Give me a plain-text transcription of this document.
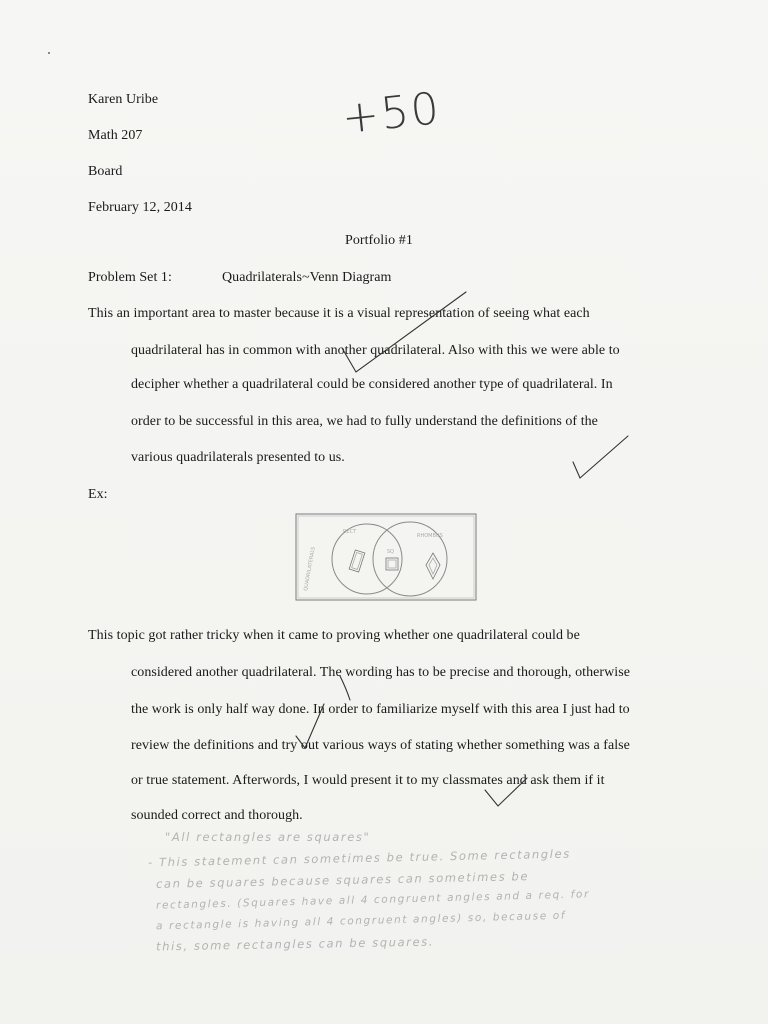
Karen Uribe
Math 207
Board
February 12, 2014
+50
Portfolio #1
Problem Set 1:	Quadrilaterals~Venn Diagram
This an important area to master because it is a visual representation of seeing what each
quadrilateral has in common with another quadrilateral. Also with this we were able to
decipher whether a quadrilateral could be considered another type of quadrilateral. In
order to be successful in this area, we had to fully understand the definitions of the
various quadrilaterals presented to us.
Ex:
QUADRILATERALS
RECT
RHOMBUS
SQ
This topic got rather tricky when it came to proving whether one quadrilateral could be
considered another quadrilateral. The wording has to be precise and thorough, otherwise
the work is only half way done. In order to familiarize myself with this area I just had to
review the definitions and try out various ways of stating whether something was a false
or true statement. Afterwords, I would present it to my classmates and ask them if it
sounded correct and thorough.
"All rectangles are squares"
- This statement can sometimes be true. Some rectangles
can be squares because squares can sometimes be
rectangles. (Squares have all 4 congruent angles and a req. for
a rectangle is having all 4 congruent angles) so, because of
this, some rectangles can be squares.
